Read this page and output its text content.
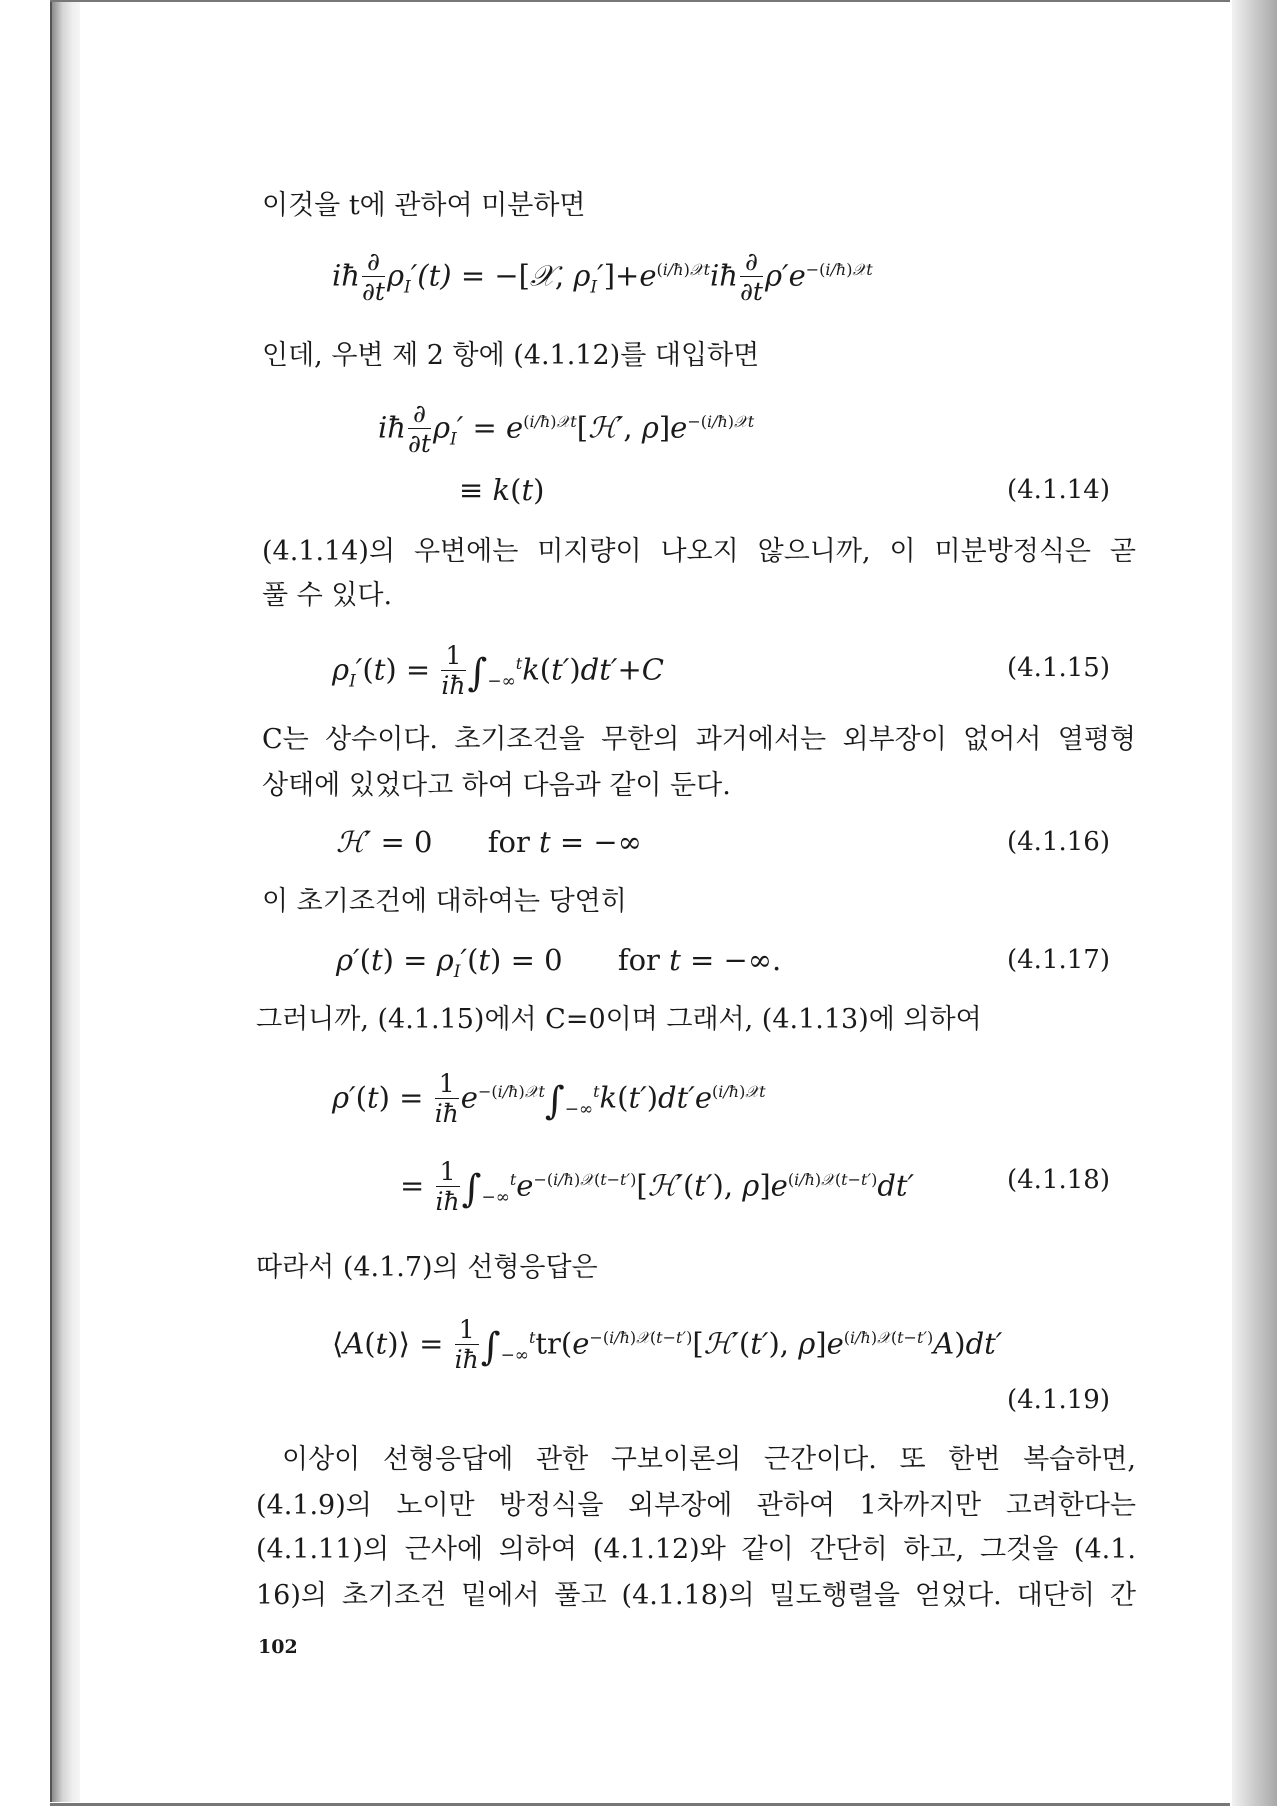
이것을 t에 관하여 미분하면
iħ $\frac{\partial}{\partial t} \rho_I'(t)$ = −[𝒳, $\rho_I']+e^{(i/ħ)𝒳t}iħ \frac{\partial}{\partial t} \rho'e^{-(i/ħ)𝒳t}$
인데, 우변 제 2 항에 (4.1.12)를 대입하면
iħ $\frac{\partial}{\partial t} \rho_I'$ = $e^{(i/ħ)𝒳t}[ℋ'$, $\rho]e^{-(i/ħ)𝒳t}$
≡ k(t)	(4.1.14)
(4.1.14)의 우변에는 미지량이 나오지 않으니까, 이 미분방정식은 곧
풀 수 있다.
$\rho_I'(t) = \frac{1}{iħ} \int_{-\infty}^tk(t')dt'+C$	(4.1.15)
C는 상수이다. 초기조건을 무한의 과거에서는 외부장이 없어서 열평형
상태에 있었다고 하여 다음과 같이 둔다.
ℋ′ = 0 for t = −∞	(4.1.16)
이 초기조건에 대하여는 당연히
$\rho'(t) = \rho_I'(t) = 0$ for t = −∞.	(4.1.17)
그러니까, (4.1.15)에서 C=0이며 그래서, (4.1.13)에 의하여
$\rho'(t) = \frac{1}{iħ} e^{-(i/ħ)𝒳t}\int_{-\infty}^tk(t')dt'e^{(i/ħ)𝒳t}$
= $\frac{1}{iħ}$ $\int_{-\infty}^te^{-(i/ħ)𝒳(t-t')}[ℋ'(t')$, $\rho]e^{(i/ħ)𝒳(t-t')}dt'$	(4.1.18)
따라서 (4.1.7)의 선형응답은
⟨A(t)⟩ = $\frac{1}{iħ}$ $\int_{-\infty}^ttr(e^{-(i/ħ)𝒳(t-t')}[ℋ'(t')$, $\rho]e^{(i/ħ)𝒳(t-t')}A)dt'$
(4.1.19)
이상이 선형응답에 관한 구보이론의 근간이다. 또 한번 복습하면,
(4.1.9)의 노이만 방정식을 외부장에 관하여 1차까지만 고려한다는
(4.1.11)의 근사에 의하여 (4.1.12)와 같이 간단히 하고, 그것을 (4.1.
16)의 초기조건 밑에서 풀고 (4.1.18)의 밀도행렬을 얻었다. 대단히 간
102
